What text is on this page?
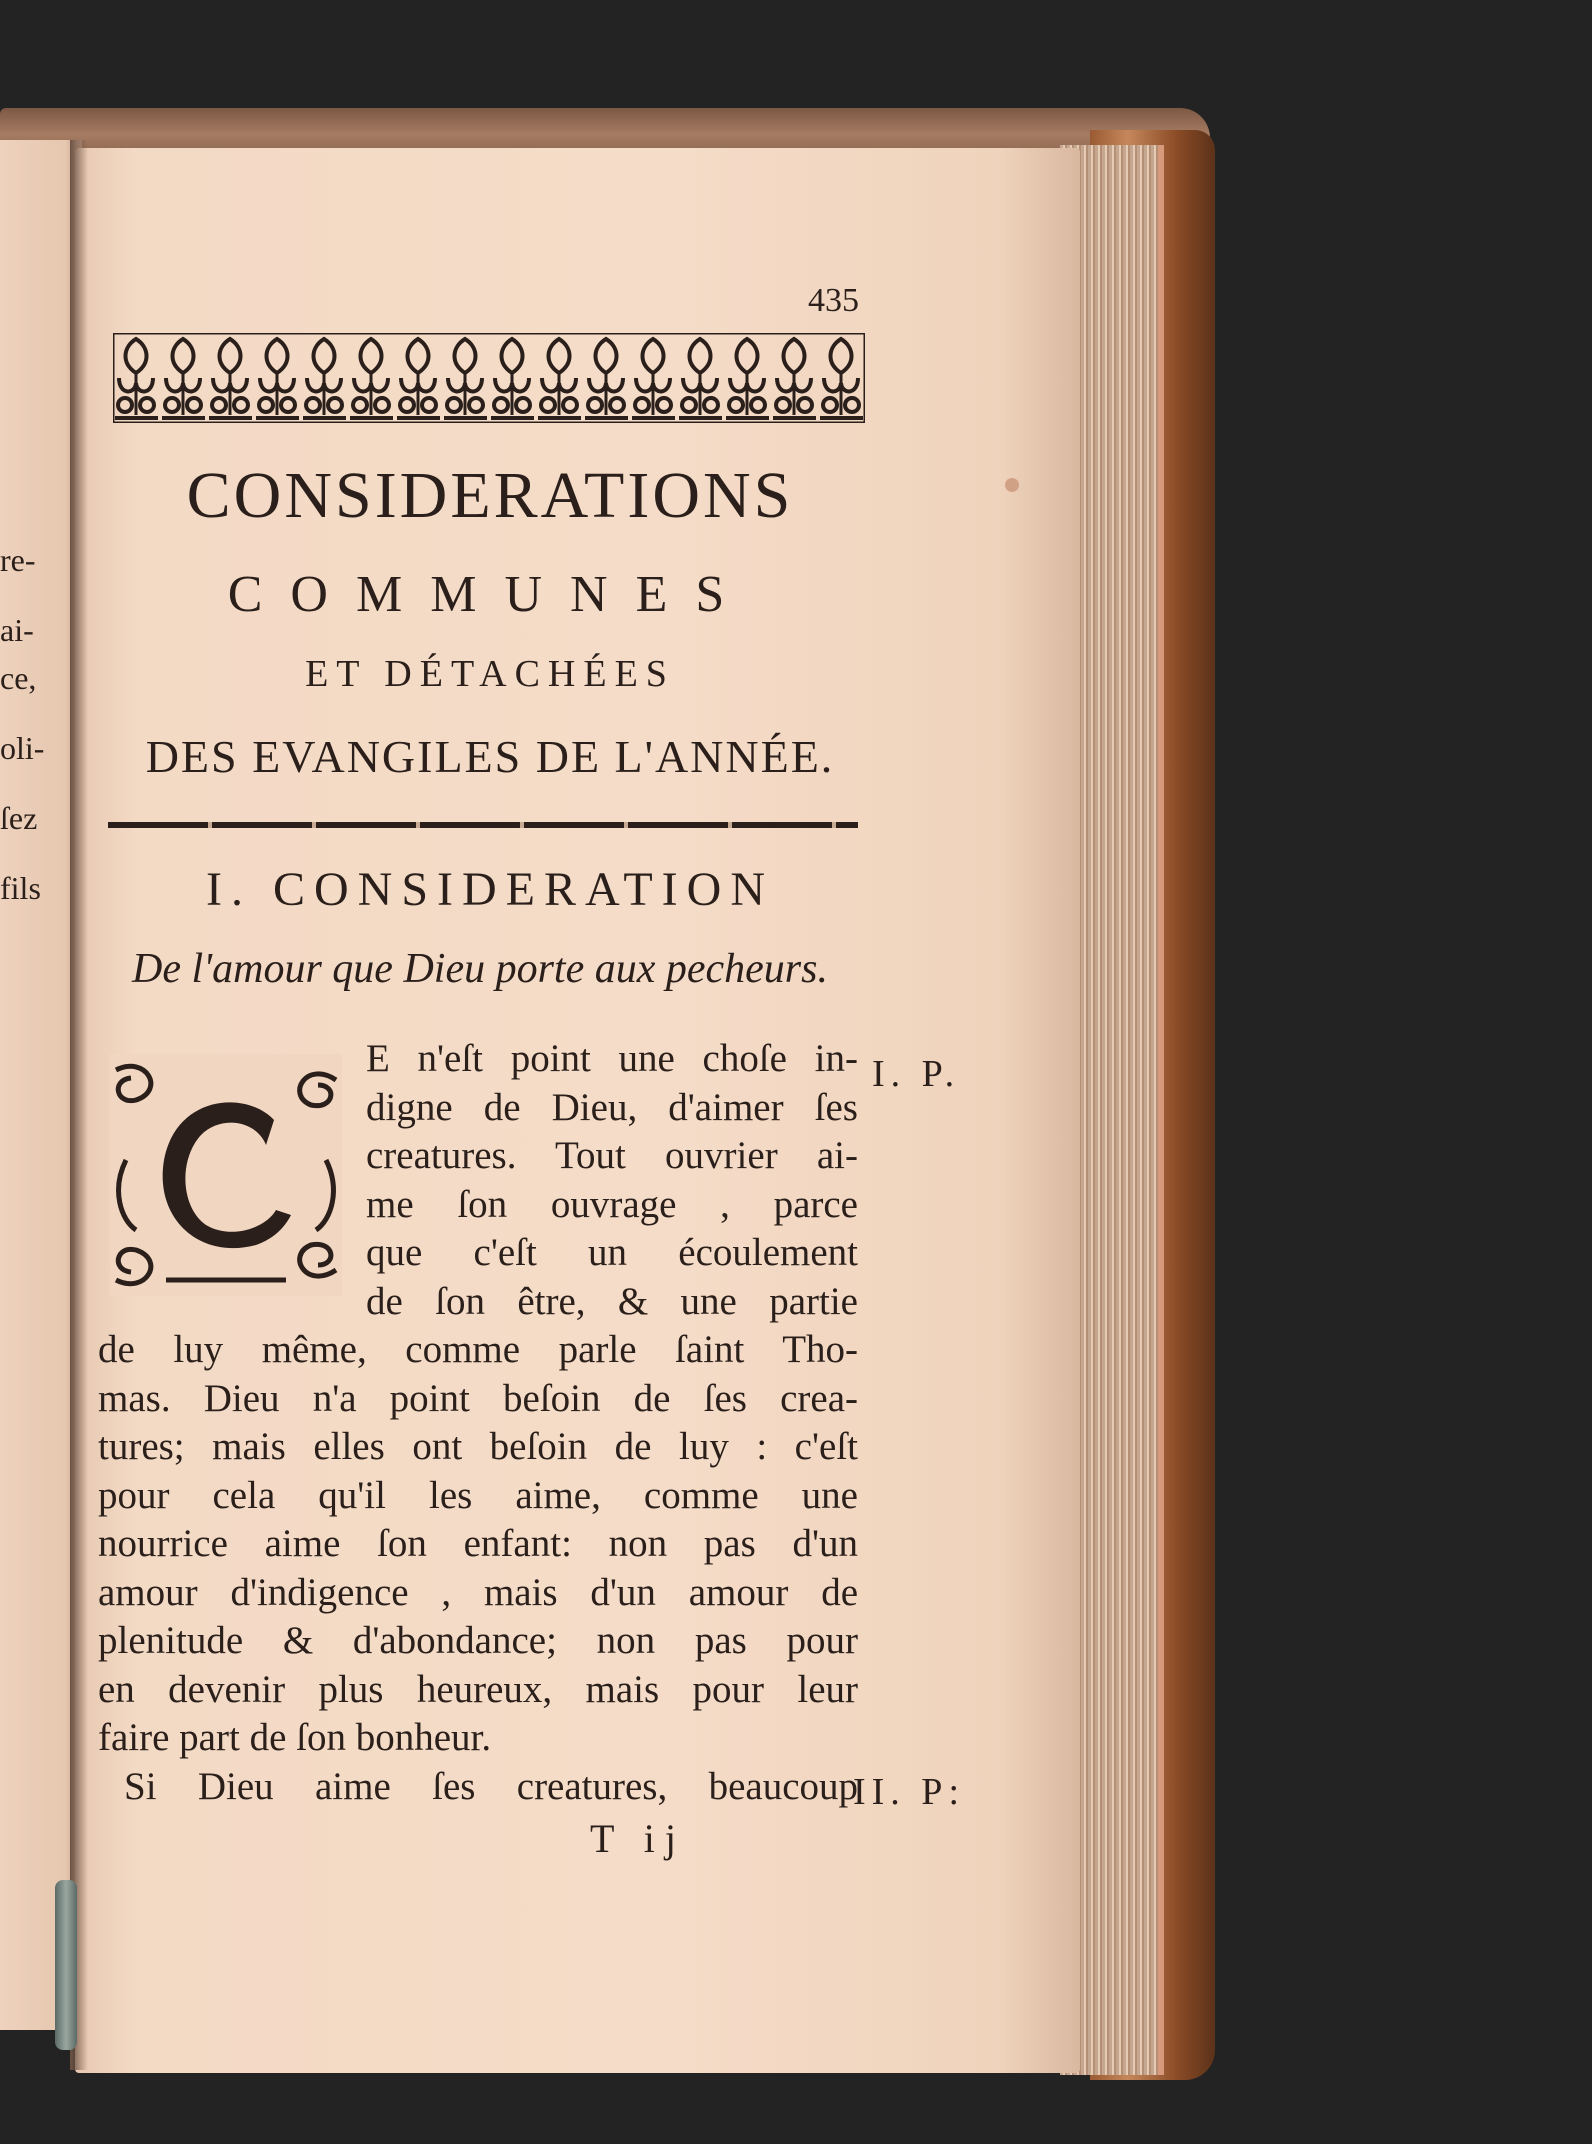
re-
ai-
ce,
oli-
ſez
fils
435
CONSIDERATIONS
COMMUNES
ET DÉTACHÉES
DES EVANGILES DE L'ANNÉE.
I. CONSIDERATION
De l'amour que Dieu porte aux pecheurs.
C
I. P.
II. P:
E n'eſt point une choſe in-
digne de Dieu, d'aimer ſes
creatures. Tout ouvrier ai-
me ſon ouvrage , parce
que c'eſt un écoulement
de ſon être, & une partie
de luy même, comme parle ſaint Tho-
mas. Dieu n'a point beſoin de ſes crea-
tures; mais elles ont beſoin de luy : c'eſt
pour cela qu'il les aime, comme une
nourrice aime ſon enfant: non pas d'un
amour d'indigence , mais d'un amour de
plenitude & d'abondance; non pas pour
en devenir plus heureux, mais pour leur
faire part de ſon bonheur.
Si Dieu aime ſes creatures, beaucoup
T ij
